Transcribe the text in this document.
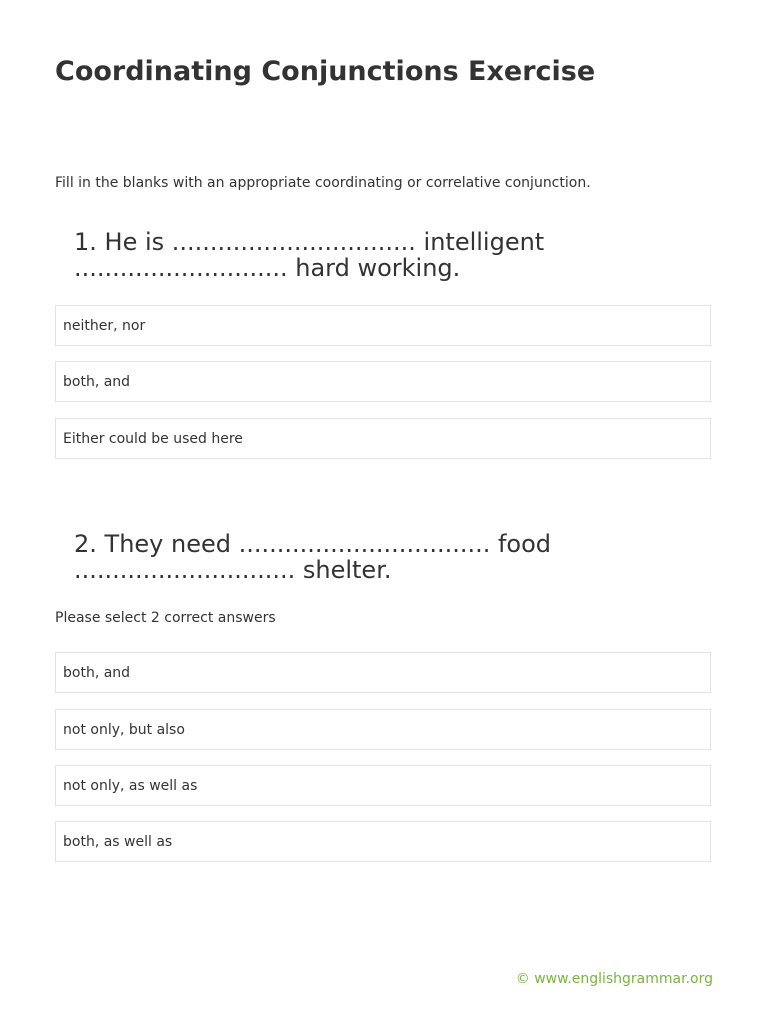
Coordinating Conjunctions Exercise
Fill in the blanks with an appropriate coordinating or correlative conjunction.
1. He is ................................ intelligent ............................ hard working.
neither, nor
both, and
Either could be used here
2. They need ................................. food ............................. shelter.
Please select 2 correct answers
both, and
not only, but also
not only, as well as
both, as well as
© www.englishgrammar.org
